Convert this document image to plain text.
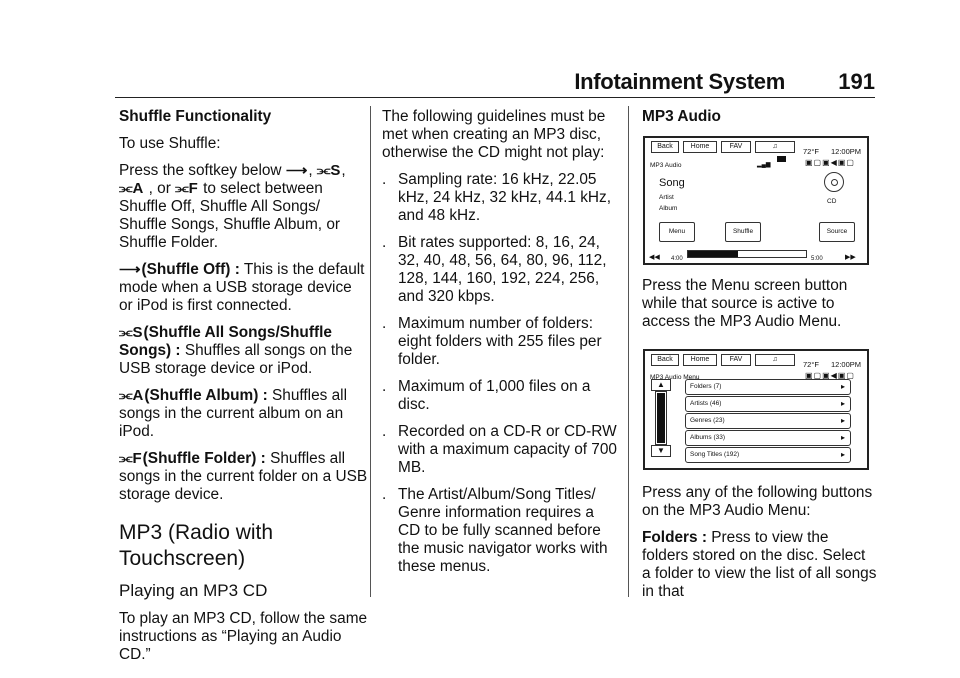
Infotainment System 191

Shuffle Functionality

To use Shuffle:

Press the softkey below ⟶, ⫘S, ⫘A , or ⫘F to select between Shuffle Off, Shuffle All Songs/ Shuffle Songs, Shuffle Album, or Shuffle Folder.

⟶(Shuffle Off) : This is the default mode when a USB storage device or iPod is first connected.

⫘S(Shuffle All Songs/Shuffle Songs) : Shuffles all songs on the USB storage device or iPod.

⫘A(Shuffle Album) : Shuffles all songs in the current album on an iPod.

⫘F(Shuffle Folder) : Shuffles all songs in the current folder on a USB storage device.

MP3 (Radio with Touchscreen)
Playing an MP3 CD

To play an MP3 CD, follow the same instructions as “Playing an Audio CD.”

The following guidelines must be met when creating an MP3 disc, otherwise the CD might not play:

. Sampling rate: 16 kHz, 22.05 kHz, 24 kHz, 32 kHz, 44.1 kHz, and 48 kHz.
. Bit rates supported: 8, 16, 24, 32, 40, 48, 56, 64, 80, 96, 112, 128, 144, 160, 192, 224, 256, and 320 kbps.
. Maximum number of folders: eight folders with 255 files per folder.
. Maximum of 1,000 files on a disc.
. Recorded on a CD-R or CD-RW with a maximum capacity of 700 MB.
. The Artist/Album/Song Titles/ Genre information requires a CD to be fully scanned before the music navigator works with these menus.

MP3 Audio

Back	Home	FAV	♫
72°F 12:00PM
MP3 Audio	▂▄▆	▣▢▣◀▣▢
Song
Artist
Album
CD
Menu	Shuffle	Source
◀◀ 4:00	5:00	▶▶

Press the Menu screen button while that source is active to access the MP3 Audio Menu.

Back	Home	FAV	♫
72°F 12:00PM
MP3 Audio Menu	▣▢▣◀▣▢
▲
▼
Folders (7)	▸
Artists (46)	▸
Genres (23)	▸
Albums (33)	▸
Song Titles (192)	▸

Press any of the following buttons on the MP3 Audio Menu:

Folders : Press to view the folders stored on the disc. Select a folder to view the list of all songs in that
